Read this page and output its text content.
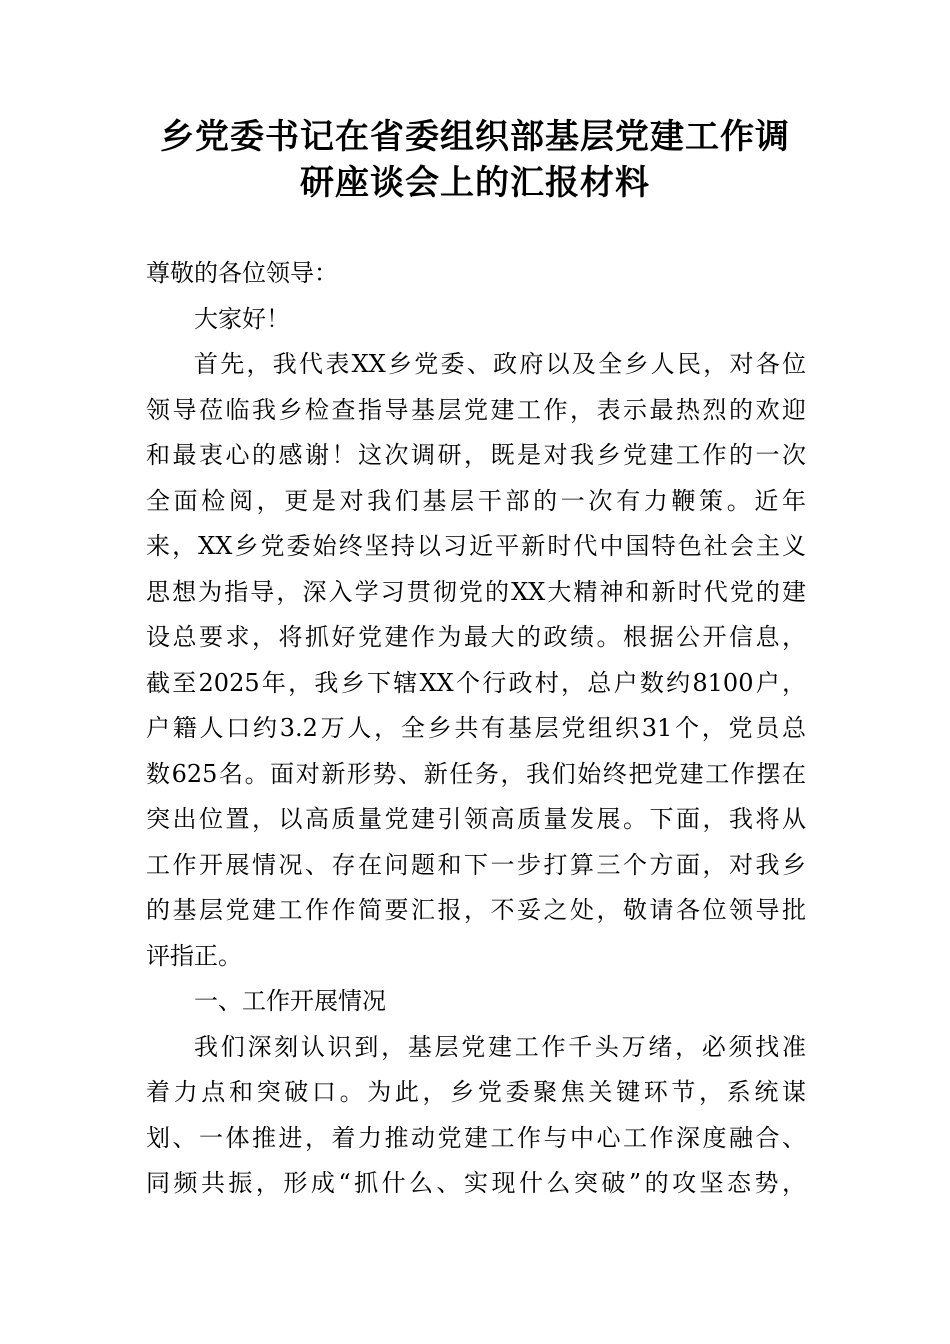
乡党委书记在省委组织部基层党建工作调
研座谈会上的汇报材料
尊敬的各位领导：
大家好！
首先，我代表XX乡党委、政府以及全乡人民，对各位
领导莅临我乡检查指导基层党建工作，表示最热烈的欢迎
和最衷心的感谢！这次调研，既是对我乡党建工作的一次
全面检阅，更是对我们基层干部的一次有力鞭策。近年
来，XX乡党委始终坚持以习近平新时代中国特色社会主义
思想为指导，深入学习贯彻党的XX大精神和新时代党的建
设总要求，将抓好党建作为最大的政绩。根据公开信息，
截至2025年，我乡下辖XX个行政村，总户数约8100户，
户籍人口约3.2万人，全乡共有基层党组织31个，党员总
数625名。面对新形势、新任务，我们始终把党建工作摆在
突出位置，以高质量党建引领高质量发展。下面，我将从
工作开展情况、存在问题和下一步打算三个方面，对我乡
的基层党建工作作简要汇报，不妥之处，敬请各位领导批
评指正。
一、工作开展情况
我们深刻认识到，基层党建工作千头万绪，必须找准
着力点和突破口。为此，乡党委聚焦关键环节，系统谋
划、一体推进，着力推动党建工作与中心工作深度融合、
同频共振，形成“抓什么、实现什么突破”的攻坚态势，
